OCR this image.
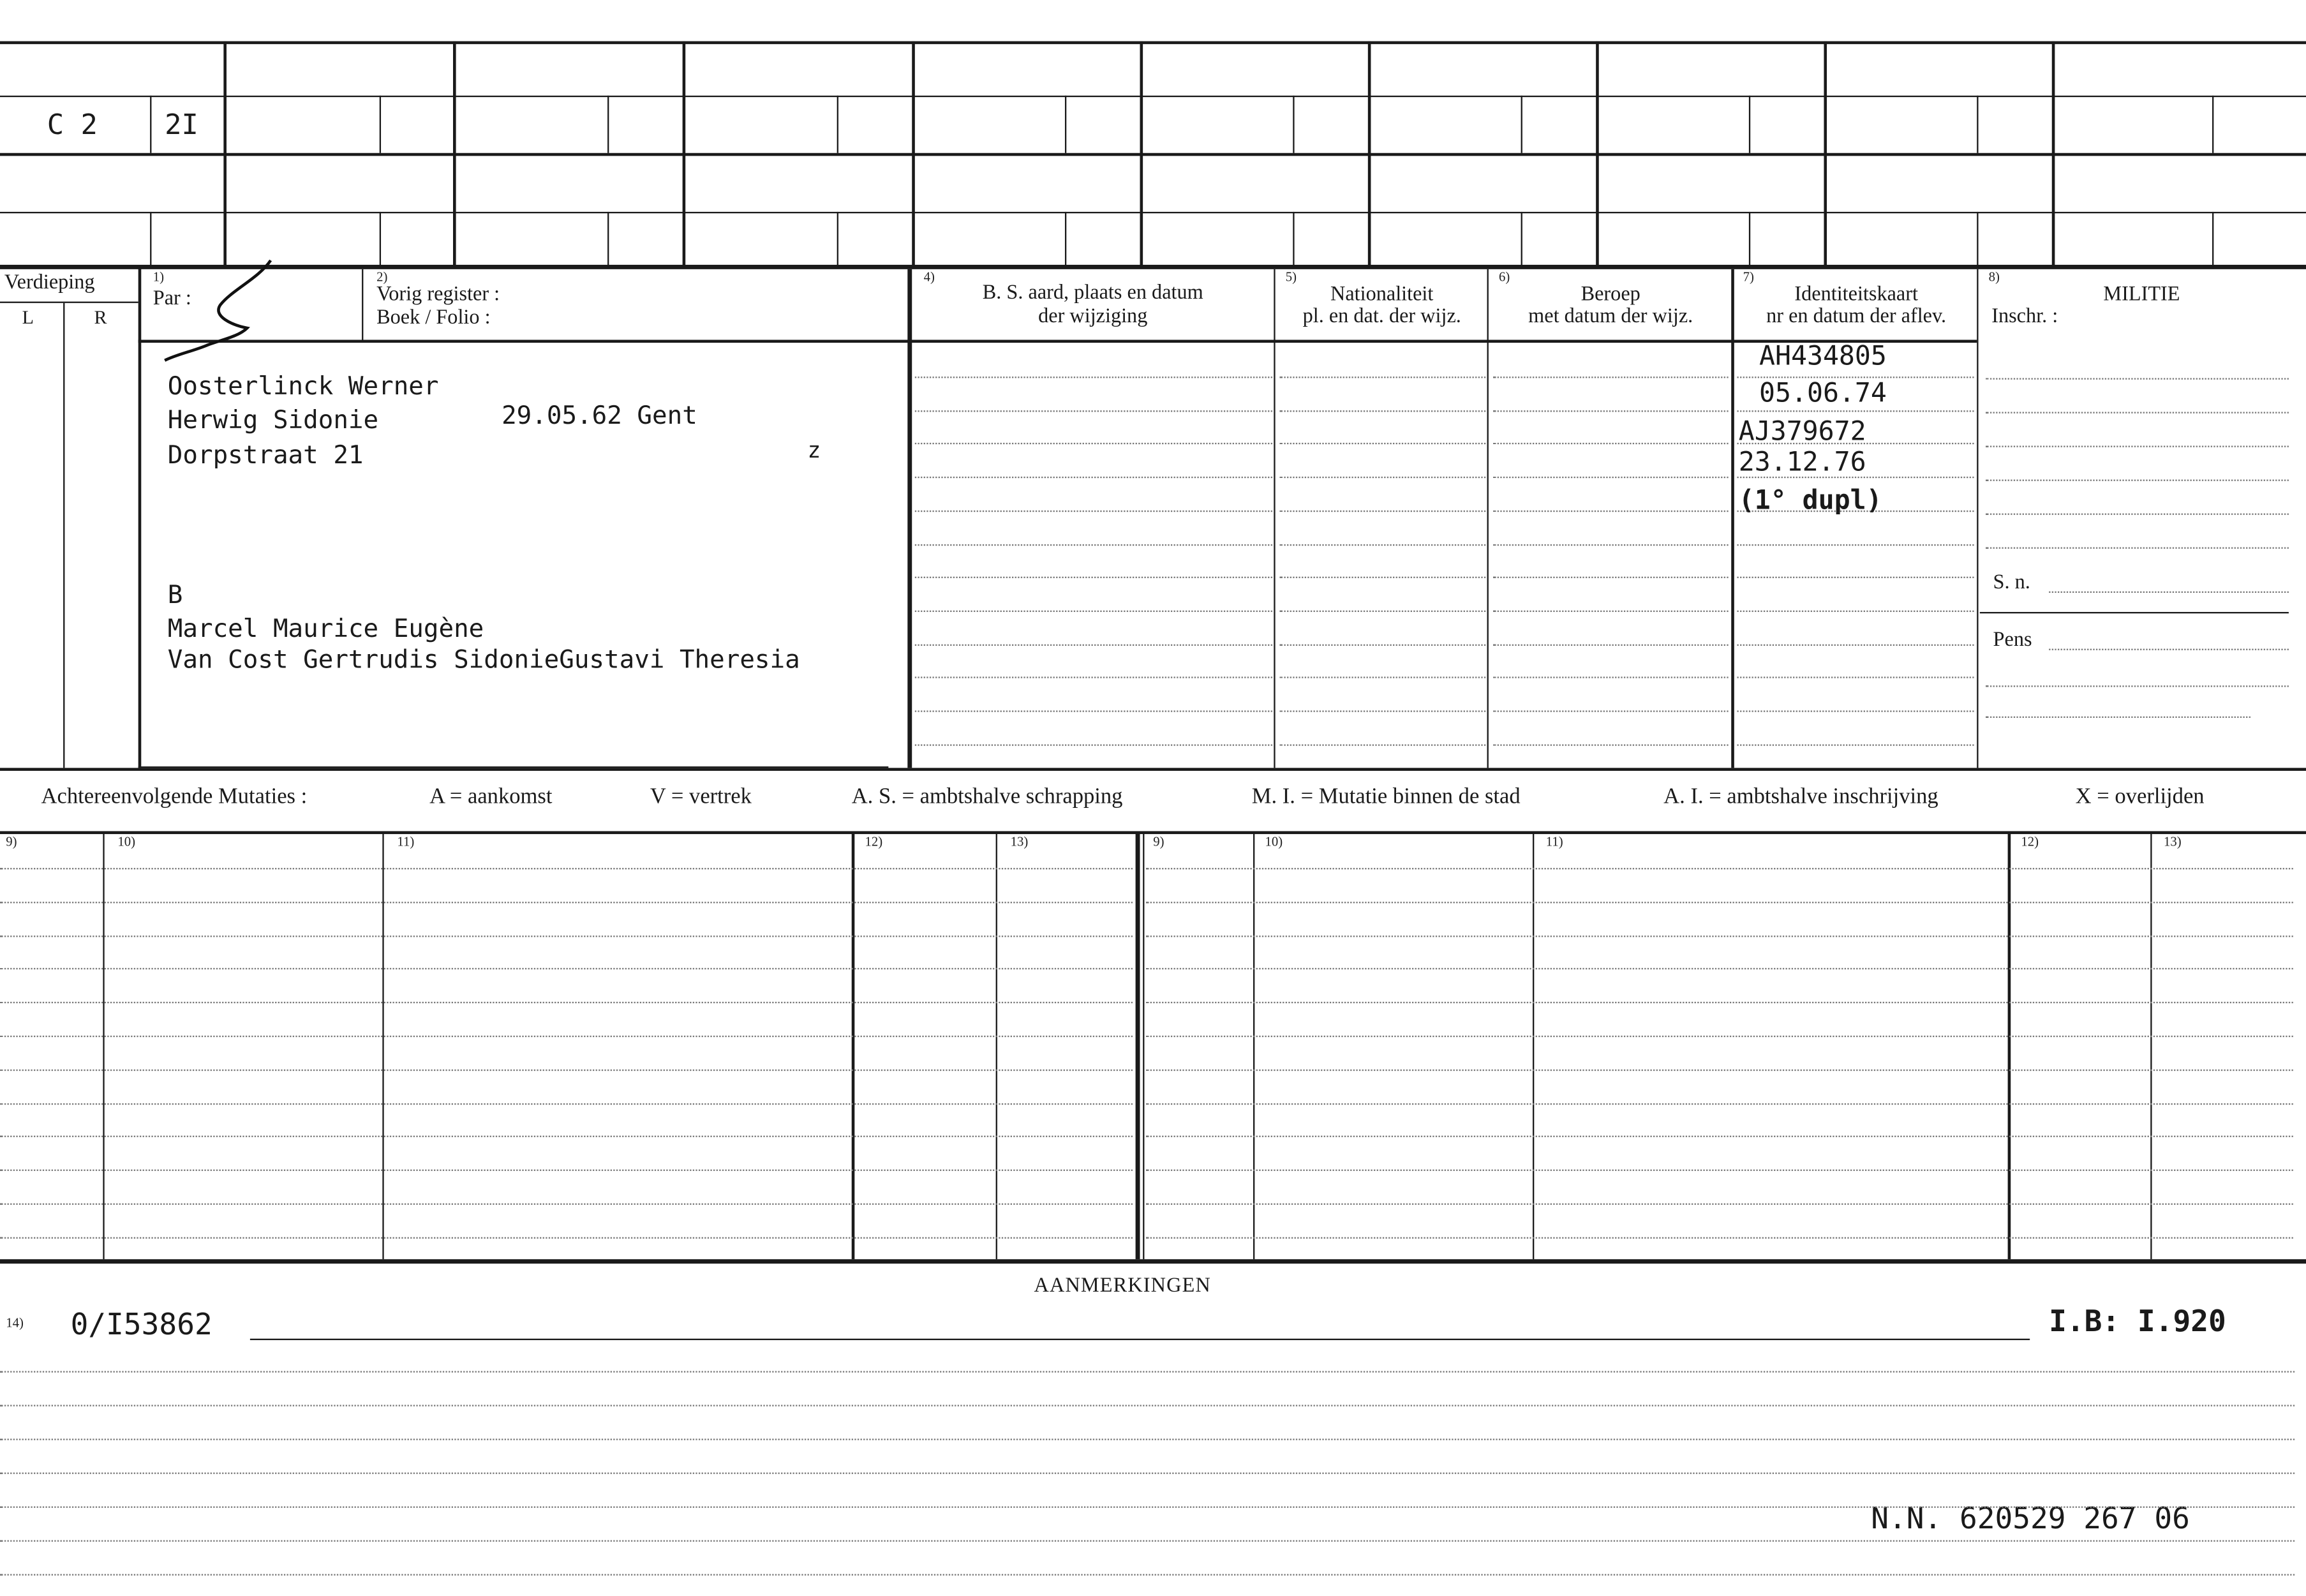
C 2	2I
Verdieping
L	R
1)
Par :
2)
Vorig register :
Boek / Folio :
4)
B. S. aard, plaats en datum
der wijziging
5)
Nationaliteit
pl. en dat. der wijz.
6)
Beroep
met datum der wijz.
7)
Identiteitskaart
nr en datum der aflev.
8)
MILITIE
Inschr. :
Oosterlinck Werner
Herwig Sidonie	29.05.62 Gent
Dorpstraat 21	z
B
Marcel Maurice Eugène
Van Cost Gertrudis SidonieGustavi Theresia
AH434805
05.06.74
AJ379672
23.12.76
(1° dupl)
S. n.
Pens
Achtereenvolgende Mutaties :	A = aankomst	V = vertrek	A. S. = ambtshalve schrapping	M. I. = Mutatie binnen de stad	A. I. = ambtshalve inschrijving	X = overlijden
9)	10)	11)	12)	13)	9)	10)	11)	12)	13)
AANMERKINGEN
14)	0/I53862	I.B: I.920
N.N. 620529 267 06
